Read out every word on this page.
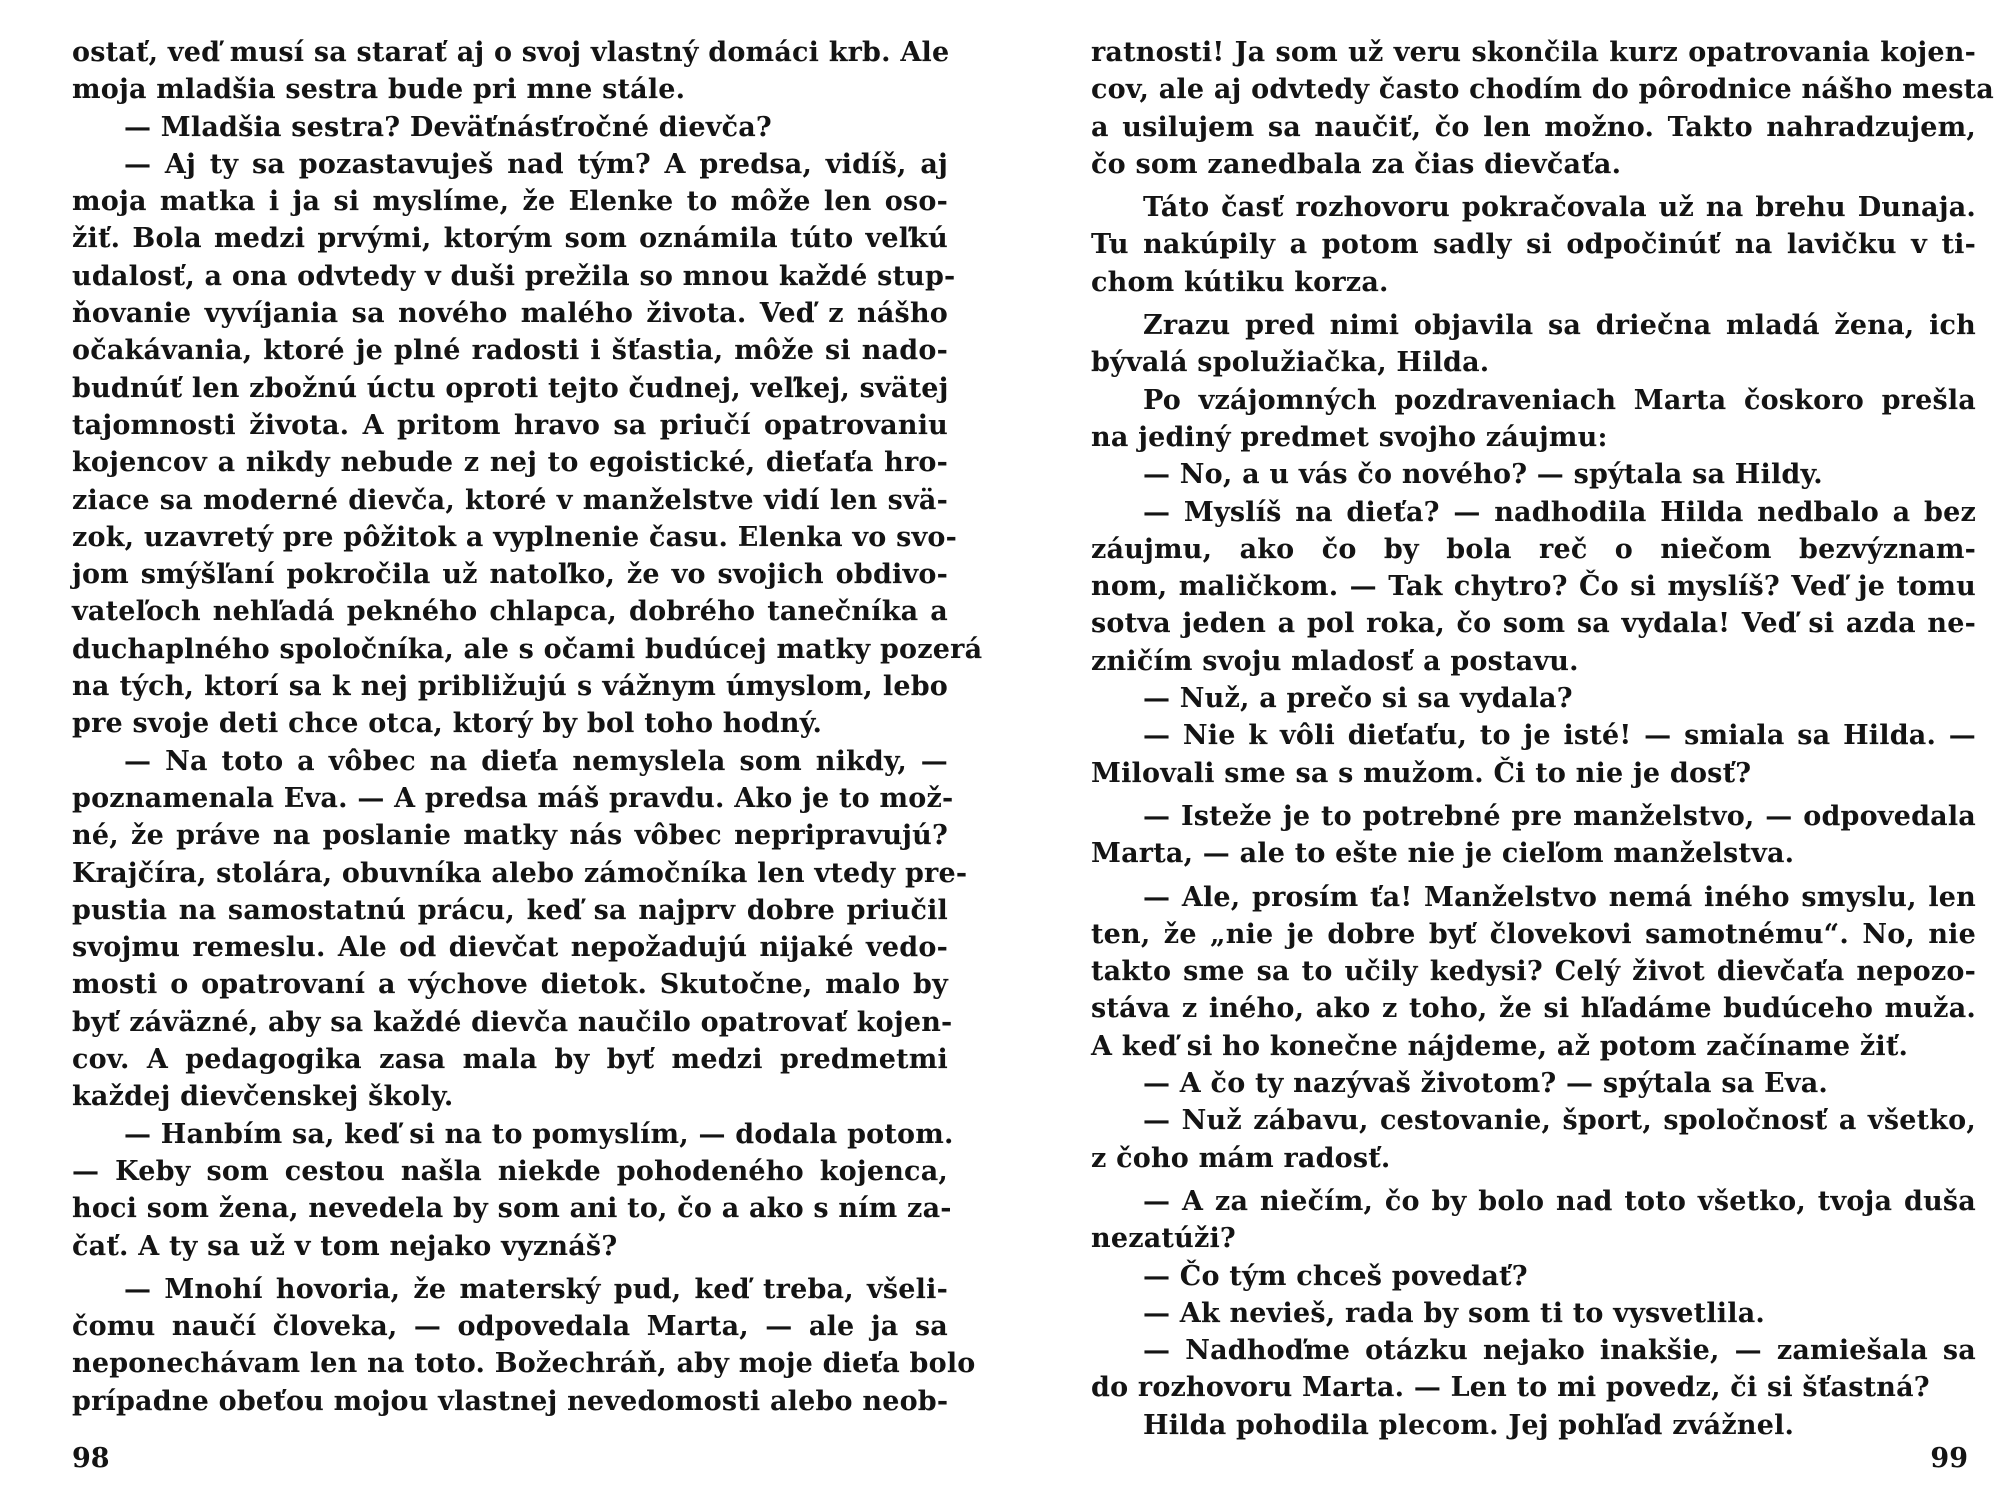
ostať, veď musí sa starať aj o svoj vlastný domáci krb. Ale
moja mladšia sestra bude pri mne stále.
— Mladšia sestra? Deväťnásťročné dievča?
— Aj ty sa pozastavuješ nad tým? A predsa, vidíš, aj
moja matka i ja si myslíme, že Elenke to môže len oso-
žiť. Bola medzi prvými, ktorým som oznámila túto veľkú
udalosť, a ona odvtedy v duši prežila so mnou každé stup-
ňovanie vyvíjania sa nového malého života. Veď z nášho
očakávania, ktoré je plné radosti i šťastia, môže si nado-
budnúť len zbožnú úctu oproti tejto čudnej, veľkej, svätej
tajomnosti života. A pritom hravo sa priučí opatrovaniu
kojencov a nikdy nebude z nej to egoistické, dieťaťa hro-
ziace sa moderné dievča, ktoré v manželstve vidí len svä-
zok, uzavretý pre pôžitok a vyplnenie času. Elenka vo svo-
jom smýšľaní pokročila už natoľko, že vo svojich obdivo-
vateľoch nehľadá pekného chlapca, dobrého tanečníka a
duchaplného spoločníka, ale s očami budúcej matky pozerá
na tých, ktorí sa k nej približujú s vážnym úmyslom, lebo
pre svoje deti chce otca, ktorý by bol toho hodný.
— Na toto a vôbec na dieťa nemyslela som nikdy, —
poznamenala Eva. — A predsa máš pravdu. Ako je to mož-
né, že práve na poslanie matky nás vôbec nepripravujú?
Krajčíra, stolára, obuvníka alebo zámočníka len vtedy pre-
pustia na samostatnú prácu, keď sa najprv dobre priučil
svojmu remeslu. Ale od dievčat nepožadujú nijaké vedo-
mosti o opatrovaní a výchove dietok. Skutočne, malo by
byť záväzné, aby sa každé dievča naučilo opatrovať kojen-
cov. A pedagogika zasa mala by byť medzi predmetmi
každej dievčenskej školy.
— Hanbím sa, keď si na to pomyslím, — dodala potom.
— Keby som cestou našla niekde pohodeného kojenca,
hoci som žena, nevedela by som ani to, čo a ako s ním za-
čať. A ty sa už v tom nejako vyznáš?
— Mnohí hovoria, že materský pud, keď treba, všeli-
čomu naučí človeka, — odpovedala Marta, — ale ja sa
neponechávam len na toto. Božechráň, aby moje dieťa bolo
prípadne obeťou mojou vlastnej nevedomosti alebo neob-
98
ratnosti! Ja som už veru skončila kurz opatrovania kojen-
cov, ale aj odvtedy často chodím do pôrodnice nášho mesta
a usilujem sa naučiť, čo len možno. Takto nahradzujem,
čo som zanedbala za čias dievčaťa.
Táto časť rozhovoru pokračovala už na brehu Dunaja.
Tu nakúpily a potom sadly si odpočinúť na lavičku v ti-
chom kútiku korza.
Zrazu pred nimi objavila sa driečna mladá žena, ich
bývalá spolužiačka, Hilda.
Po vzájomných pozdraveniach Marta čoskoro prešla
na jediný predmet svojho záujmu:
— No, a u vás čo nového? — spýtala sa Hildy.
— Myslíš na dieťa? — nadhodila Hilda nedbalo a bez
záujmu, ako čo by bola reč o niečom bezvýznam-
nom, maličkom. — Tak chytro? Čo si myslíš? Veď je tomu
sotva jeden a pol roka, čo som sa vydala! Veď si azda ne-
zničím svoju mladosť a postavu.
— Nuž, a prečo si sa vydala?
— Nie k vôli dieťaťu, to je isté! — smiala sa Hilda. —
Milovali sme sa s mužom. Či to nie je dosť?
— Isteže je to potrebné pre manželstvo, — odpovedala
Marta, — ale to ešte nie je cieľom manželstva.
— Ale, prosím ťa! Manželstvo nemá iného smyslu, len
ten, že „nie je dobre byť človekovi samotnému“. No, nie
takto sme sa to učily kedysi? Celý život dievčaťa nepozo-
stáva z iného, ako z toho, že si hľadáme budúceho muža.
A keď si ho konečne nájdeme, až potom začíname žiť.
— A čo ty nazývaš životom? — spýtala sa Eva.
— Nuž zábavu, cestovanie, šport, spoločnosť a všetko,
z čoho mám radosť.
— A za niečím, čo by bolo nad toto všetko, tvoja duša
nezatúži?
— Čo tým chceš povedať?
— Ak nevieš, rada by som ti to vysvetlila.
— Nadhoďme otázku nejako inakšie, — zamiešala sa
do rozhovoru Marta. — Len to mi povedz, či si šťastná?
Hilda pohodila plecom. Jej pohľad zvážnel.
99
